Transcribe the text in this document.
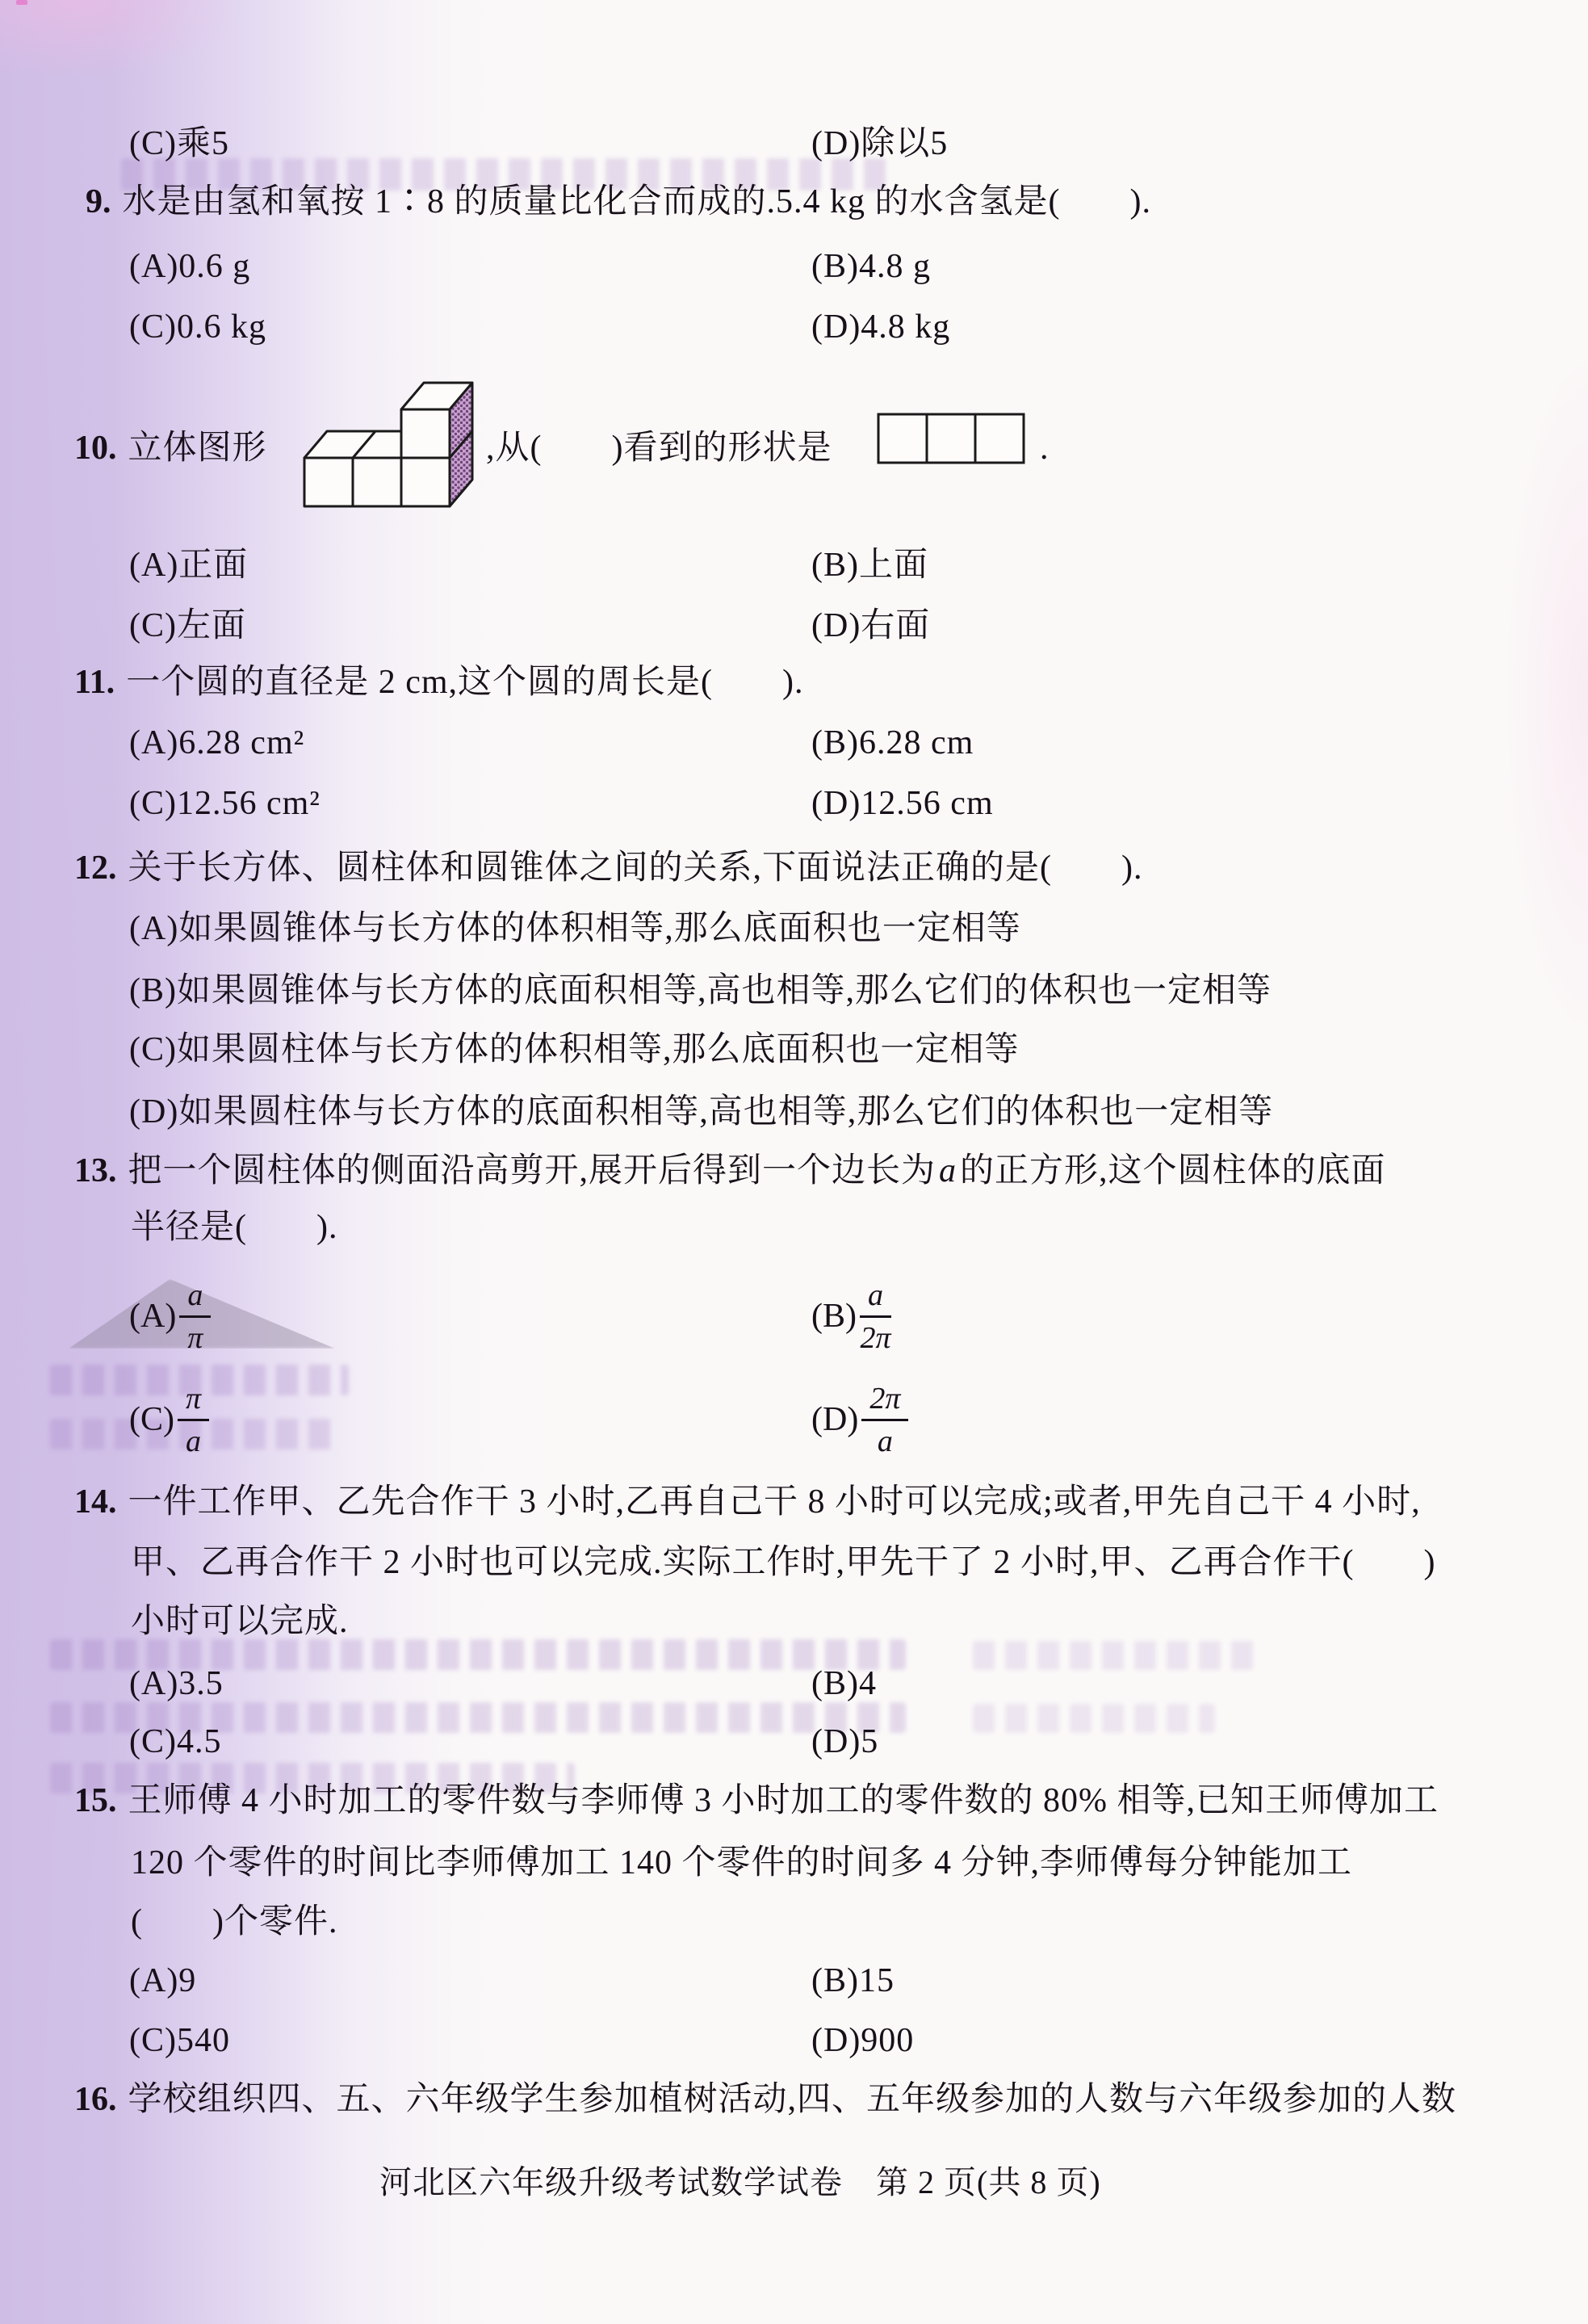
(C)乘5	(D)除以5
9. 水是由氢和氧按 1∶8 的质量比化合而成的.5.4 kg 的水含氢是(　　).
(A)0.6 g	(B)4.8 g
(C)0.6 kg	(D)4.8 kg
10. 立体图形	,从(　　)看到的形状是	.
(A)正面	(B)上面
(C)左面	(D)右面
11. 一个圆的直径是 2 cm,这个圆的周长是(　　).
(A)6.28 cm²	(B)6.28 cm
(C)12.56 cm²	(D)12.56 cm
12. 关于长方体、圆柱体和圆锥体之间的关系,下面说法正确的是(　　).
(A)如果圆锥体与长方体的体积相等,那么底面积也一定相等
(B)如果圆锥体与长方体的底面积相等,高也相等,那么它们的体积也一定相等
(C)如果圆柱体与长方体的体积相等,那么底面积也一定相等
(D)如果圆柱体与长方体的底面积相等,高也相等,那么它们的体积也一定相等
13. 把一个圆柱体的侧面沿高剪开,展开后得到一个边长为a的正方形,这个圆柱体的底面
半径是(　　).
$(A) \frac{a}{\pi}$	$(B) \frac{a}{2\pi}$
$(C) \frac{\pi}{a}$	$(D) \frac{2\pi}{a}$
14. 一件工作甲、乙先合作干 3 小时,乙再自己干 8 小时可以完成;或者,甲先自己干 4 小时,
甲、乙再合作干 2 小时也可以完成.实际工作时,甲先干了 2 小时,甲、乙再合作干(　　)
小时可以完成.
(A)3.5	(B)4
(C)4.5	(D)5
15. 王师傅 4 小时加工的零件数与李师傅 3 小时加工的零件数的 80% 相等,已知王师傅加工
120 个零件的时间比李师傅加工 140 个零件的时间多 4 分钟,李师傅每分钟能加工
(　　)个零件.
(A)9	(B)15
(C)540	(D)900
16. 学校组织四、五、六年级学生参加植树活动,四、五年级参加的人数与六年级参加的人数
河北区六年级升级考试数学试卷　第 2 页(共 8 页)
